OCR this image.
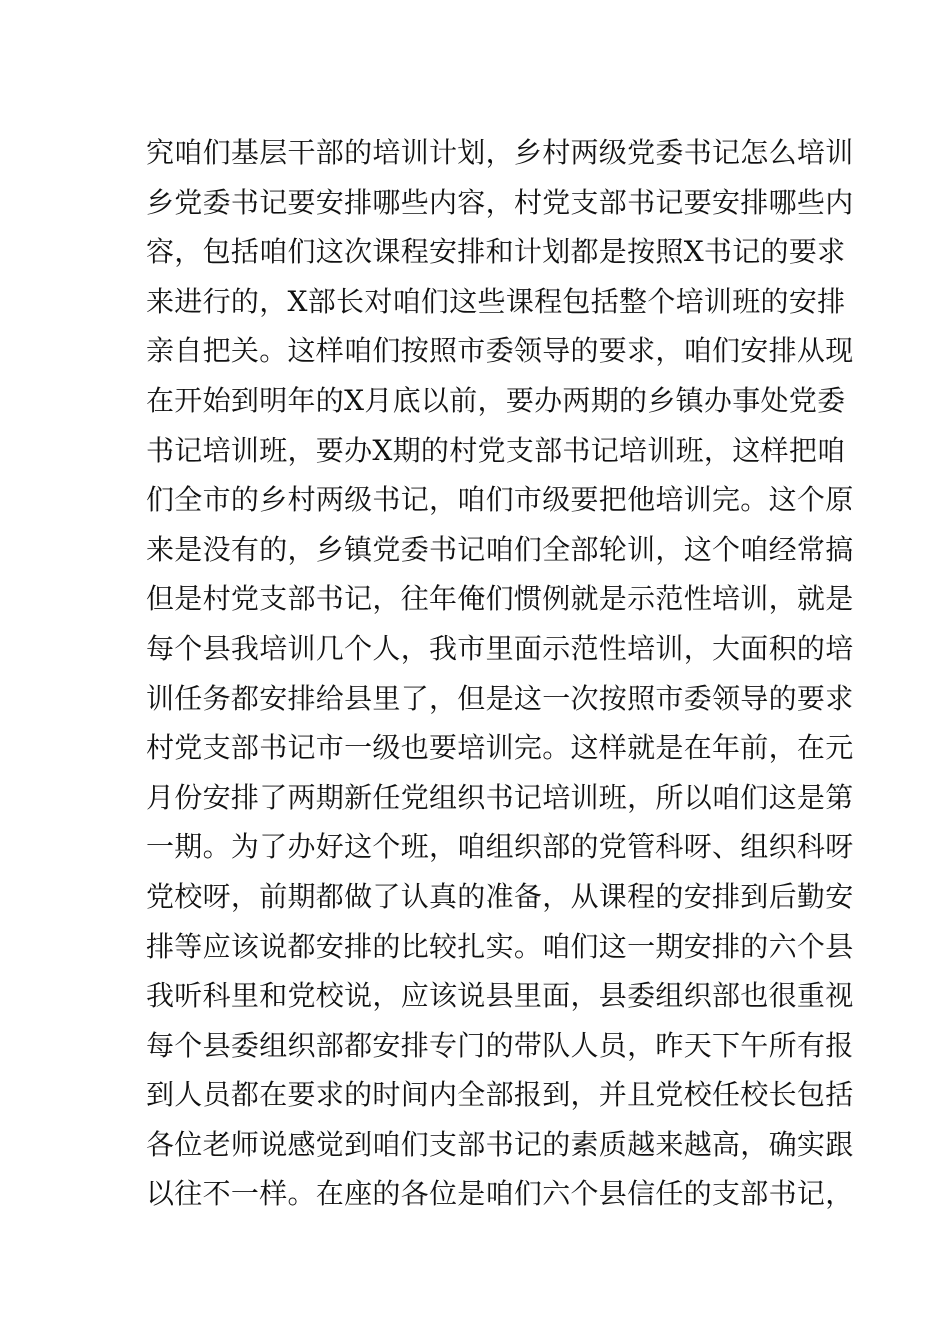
究咱们基层干部的培训计划，乡村两级党委书记怎么培训
乡党委书记要安排哪些内容，村党支部书记要安排哪些内
容，包括咱们这次课程安排和计划都是按照X书记的要求
来进行的，X部长对咱们这些课程包括整个培训班的安排
亲自把关。这样咱们按照市委领导的要求，咱们安排从现
在开始到明年的X月底以前，要办两期的乡镇办事处党委
书记培训班，要办X期的村党支部书记培训班，这样把咱
们全市的乡村两级书记，咱们市级要把他培训完。这个原
来是没有的，乡镇党委书记咱们全部轮训，这个咱经常搞
但是村党支部书记，往年俺们惯例就是示范性培训，就是
每个县我培训几个人，我市里面示范性培训，大面积的培
训任务都安排给县里了，但是这一次按照市委领导的要求
村党支部书记市一级也要培训完。这样就是在年前，在元
月份安排了两期新任党组织书记培训班，所以咱们这是第
一期。为了办好这个班，咱组织部的党管科呀、组织科呀
党校呀，前期都做了认真的准备，从课程的安排到后勤安
排等应该说都安排的比较扎实。咱们这一期安排的六个县
我听科里和党校说，应该说县里面，县委组织部也很重视
每个县委组织部都安排专门的带队人员，昨天下午所有报
到人员都在要求的时间内全部报到，并且党校任校长包括
各位老师说感觉到咱们支部书记的素质越来越高，确实跟
以往不一样。在座的各位是咱们六个县信任的支部书记，
